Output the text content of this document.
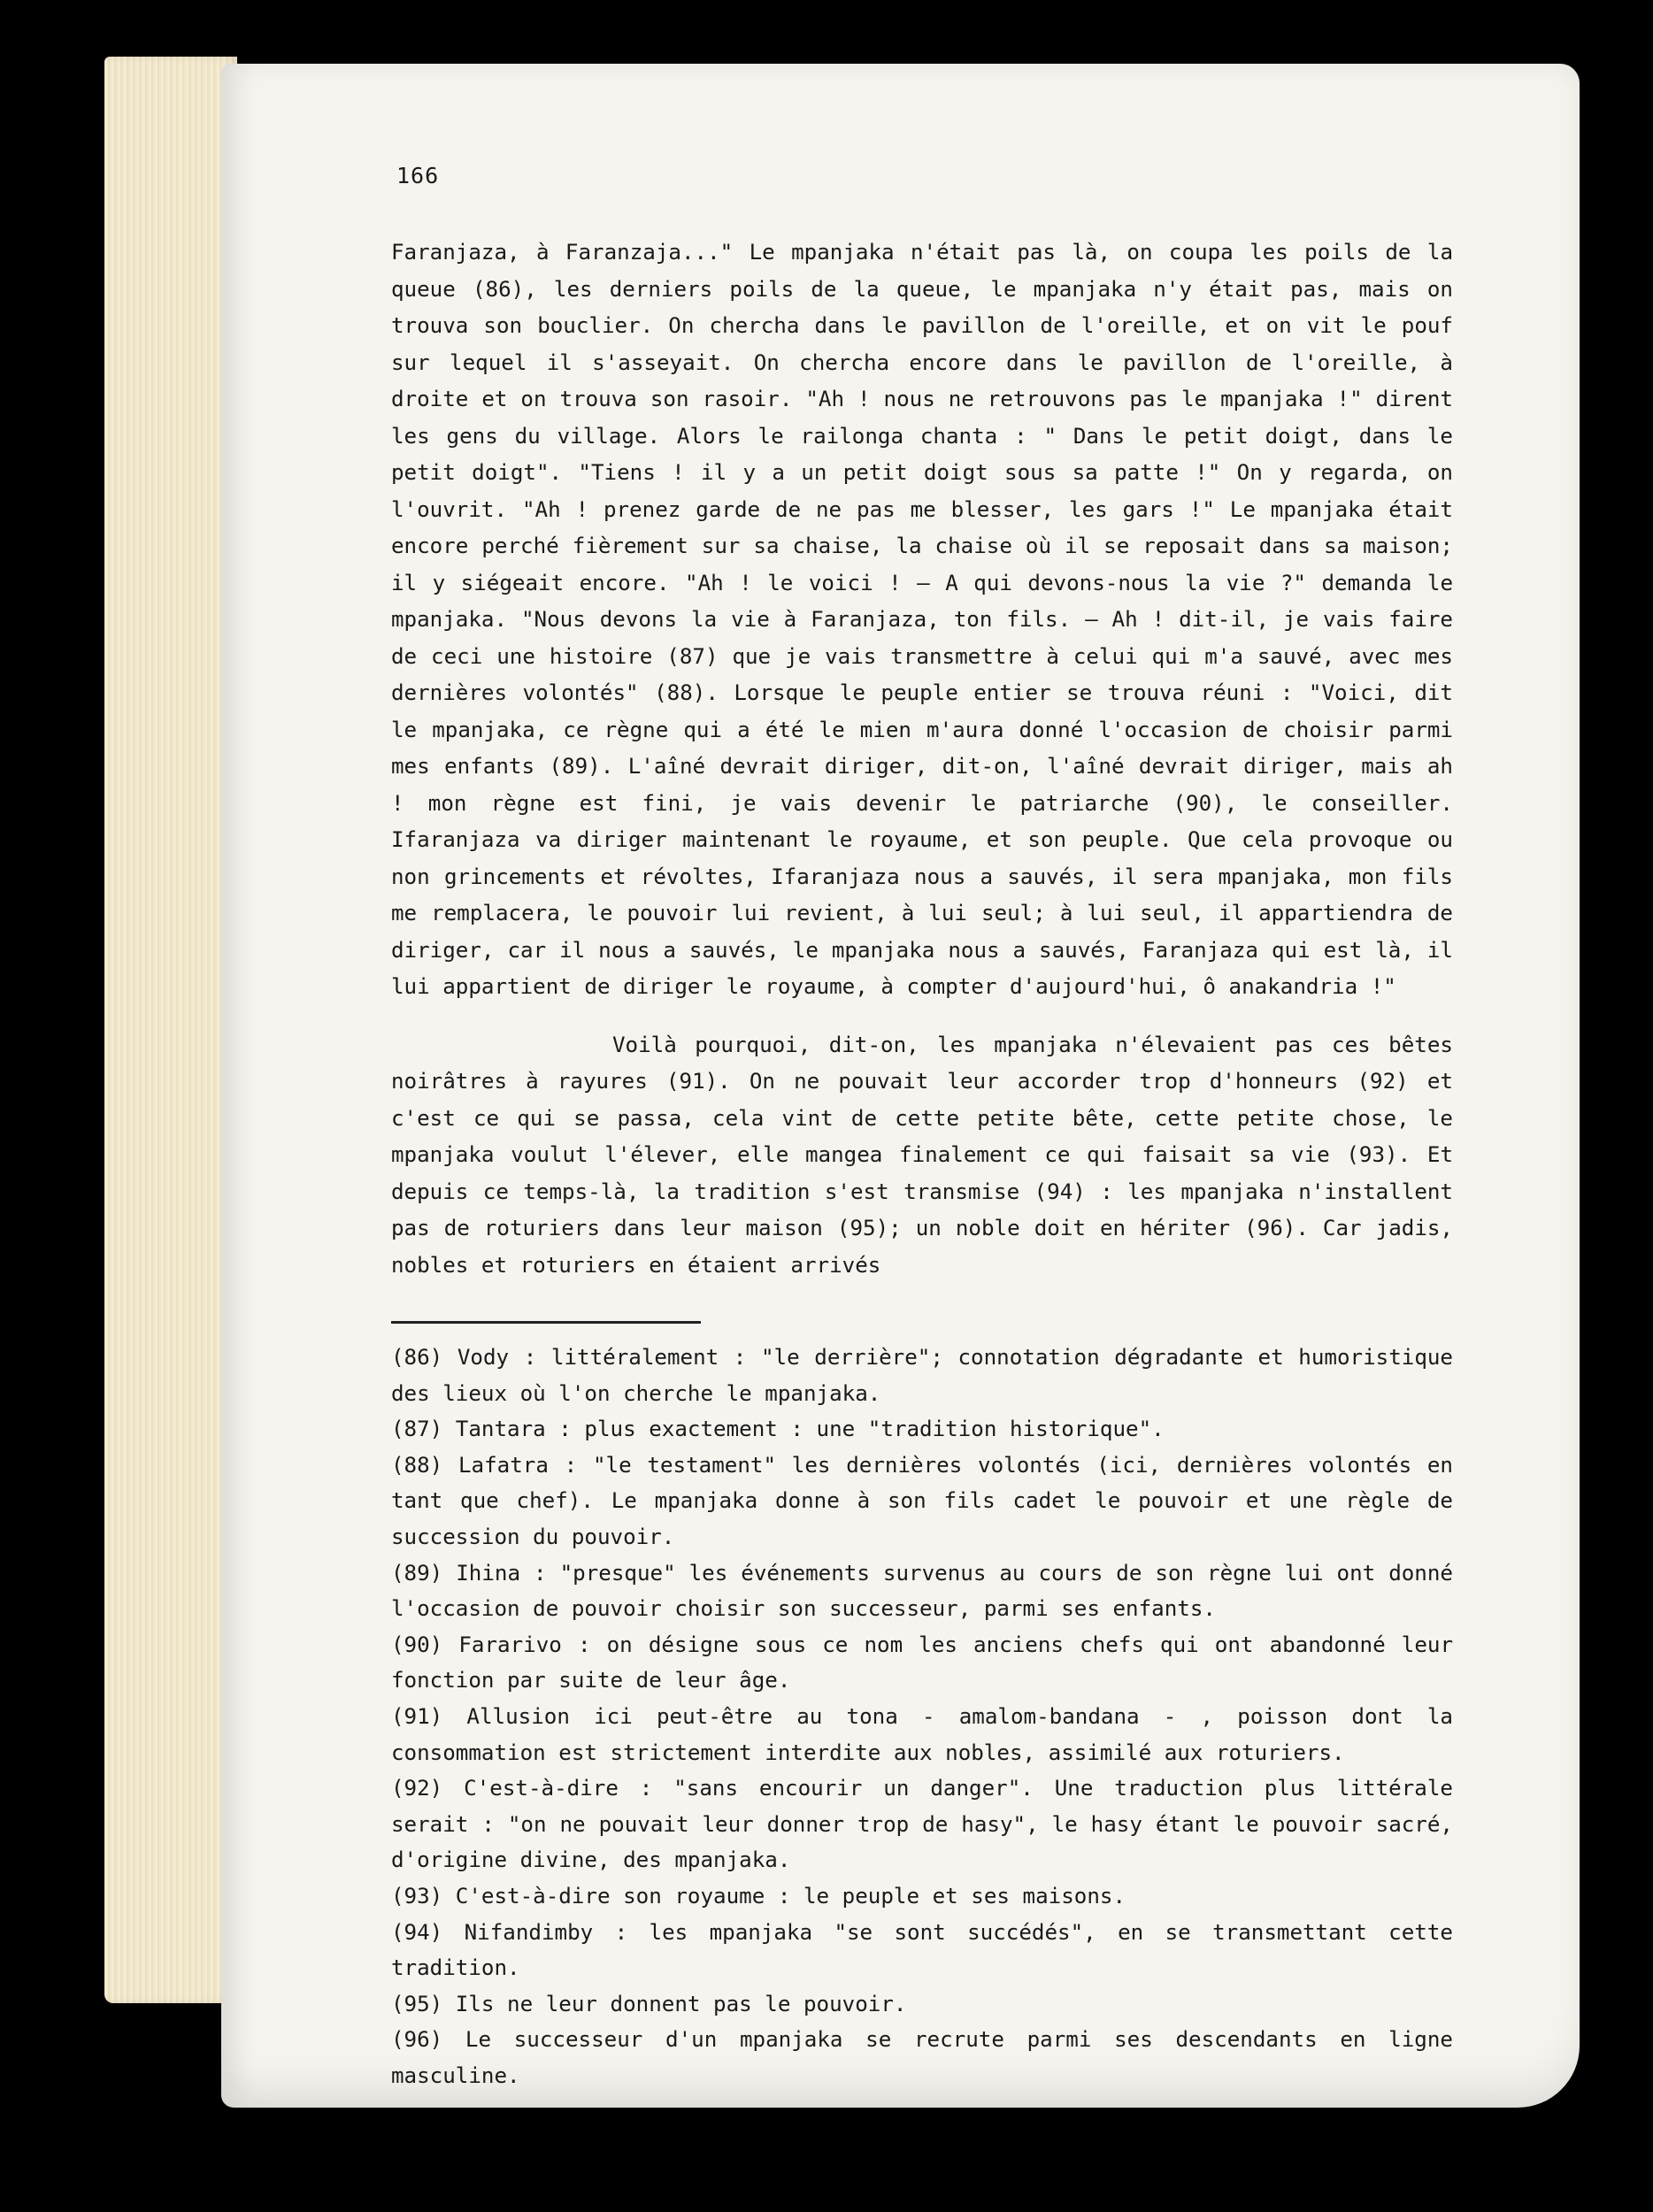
166

Faranjaza, à Faranzaja..." Le mpanjaka n'était pas là, on coupa les poils de la queue (86), les derniers poils de la queue, le mpanjaka n'y était pas, mais on trouva son bouclier. On chercha dans le pavillon de l'oreille, et on vit le pouf sur lequel il s'asseyait. On chercha encore dans le pavillon de l'oreille, à droite et on trouva son rasoir. "Ah ! nous ne retrouvons pas le mpanjaka !" dirent les gens du village. Alors le railonga chanta : " Dans le petit doigt, dans le petit doigt". "Tiens ! il y a un petit doigt sous sa patte !" On y regarda, on l'ouvrit. "Ah ! prenez garde de ne pas me blesser, les gars !" Le mpanjaka était encore perché fièrement sur sa chaise, la chaise où il se reposait dans sa maison; il y siégeait encore. "Ah ! le voici ! — A qui devons-nous la vie ?" demanda le mpanjaka. "Nous devons la vie à Faranjaza, ton fils. — Ah ! dit-il, je vais faire de ceci une histoire (87) que je vais transmettre à celui qui m'a sauvé, avec mes dernières volontés" (88). Lorsque le peuple entier se trouva réuni : "Voici, dit le mpanjaka, ce règne qui a été le mien m'aura donné l'occasion de choisir parmi mes enfants (89). L'aîné devrait diriger, dit-on, l'aîné devrait diriger, mais ah ! mon règne est fini, je vais devenir le patriarche (90), le conseiller. Ifaranjaza va diriger maintenant le royaume, et son peuple. Que cela provoque ou non grincements et révoltes, Ifaranjaza nous a sauvés, il sera mpanjaka, mon fils me remplacera, le pouvoir lui revient, à lui seul; à lui seul, il appartiendra de diriger, car il nous a sauvés, le mpanjaka nous a sauvés, Faranjaza qui est là, il lui appartient de diriger le royaume, à compter d'aujourd'hui, ô anakandria !"

Voilà pourquoi, dit-on, les mpanjaka n'élevaient pas ces bêtes noirâtres à rayures (91). On ne pouvait leur accorder trop d'honneurs (92) et c'est ce qui se passa, cela vint de cette petite bête, cette petite chose, le mpanjaka voulut l'élever, elle mangea finalement ce qui faisait sa vie (93). Et depuis ce temps-là, la tradition s'est transmise (94) : les mpanjaka n'installent pas de roturiers dans leur maison (95); un noble doit en hériter (96). Car jadis, nobles et roturiers en étaient arrivés

(86) Vody : littéralement : "le derrière"; connotation dégradante et humoristique des lieux où l'on cherche le mpanjaka.

(87) Tantara : plus exactement : une "tradition historique".

(88) Lafatra : "le testament" les dernières volontés (ici, dernières volontés en tant que chef). Le mpanjaka donne à son fils cadet le pouvoir et une règle de succession du pouvoir.

(89) Ihina : "presque" les événements survenus au cours de son règne lui ont donné l'occasion de pouvoir choisir son successeur, parmi ses enfants.

(90) Fararivo : on désigne sous ce nom les anciens chefs qui ont abandonné leur fonction par suite de leur âge.

(91) Allusion ici peut-être au tona - amalom-bandana - , poisson dont la consommation est strictement interdite aux nobles, assimilé aux roturiers.

(92) C'est-à-dire : "sans encourir un danger". Une traduction plus littérale serait : "on ne pouvait leur donner trop de hasy", le hasy étant le pouvoir sacré, d'origine divine, des mpanjaka.

(93) C'est-à-dire son royaume : le peuple et ses maisons.

(94) Nifandimby : les mpanjaka "se sont succédés", en se transmettant cette tradition.

(95) Ils ne leur donnent pas le pouvoir.

(96) Le successeur d'un mpanjaka se recrute parmi ses descendants en ligne masculine.
